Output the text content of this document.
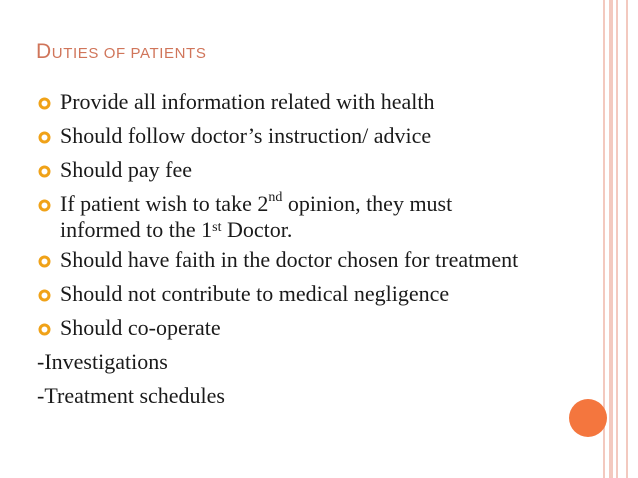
DUTIES OF PATIENTS
Provide all information related with health
Should follow doctor’s instruction/ advice
Should pay fee
If patient wish to take 2nd opinion, they must
informed to the 1st Doctor.
Should have faith in the doctor chosen for treatment
Should not contribute to medical negligence
Should co-operate
-Investigations
-Treatment schedules
